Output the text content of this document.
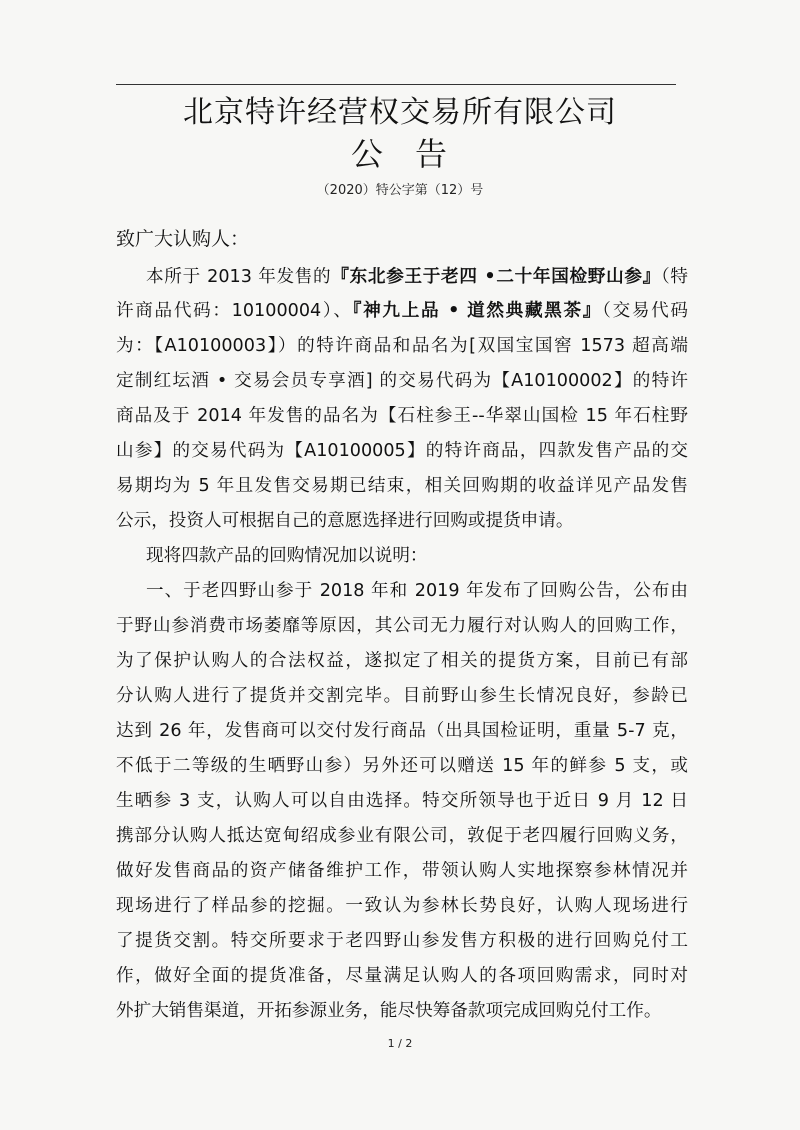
北京特许经营权交易所有限公司
公 告
（2020）特公字第（12）号
致广大认购人：
本所于 2013 年发售的『东北参王于老四 •二十年国检野山参』（特
许商品代码：10100004）、『神九上品 • 道然典藏黑茶』（交易代码
为：【A10100003】）的特许商品和品名为[双国宝国窖 1573 超高端
定制红坛酒 • 交易会员专享酒] 的交易代码为【A10100002】的特许
商品及于 2014 年发售的品名为【石柱参王--华翠山国检 15 年石柱野
山参】的交易代码为【A10100005】的特许商品，四款发售产品的交
易期均为 5 年且发售交易期已结束，相关回购期的收益详见产品发售
公示，投资人可根据自己的意愿选择进行回购或提货申请。
现将四款产品的回购情况加以说明：
一、于老四野山参于 2018 年和 2019 年发布了回购公告，公布由
于野山参消费市场萎靡等原因，其公司无力履行对认购人的回购工作，
为了保护认购人的合法权益，遂拟定了相关的提货方案，目前已有部
分认购人进行了提货并交割完毕。目前野山参生长情况良好，参龄已
达到 26 年，发售商可以交付发行商品（出具国检证明，重量 5-7 克，
不低于二等级的生晒野山参）另外还可以赠送 15 年的鲜参 5 支，或
生晒参 3 支，认购人可以自由选择。特交所领导也于近日 9 月 12 日
携部分认购人抵达宽甸绍成参业有限公司，敦促于老四履行回购义务，
做好发售商品的资产储备维护工作，带领认购人实地探察参林情况并
现场进行了样品参的挖掘。一致认为参林长势良好，认购人现场进行
了提货交割。特交所要求于老四野山参发售方积极的进行回购兑付工
作，做好全面的提货准备，尽量满足认购人的各项回购需求，同时对
外扩大销售渠道，开拓参源业务，能尽快筹备款项完成回购兑付工作。
1 / 2
